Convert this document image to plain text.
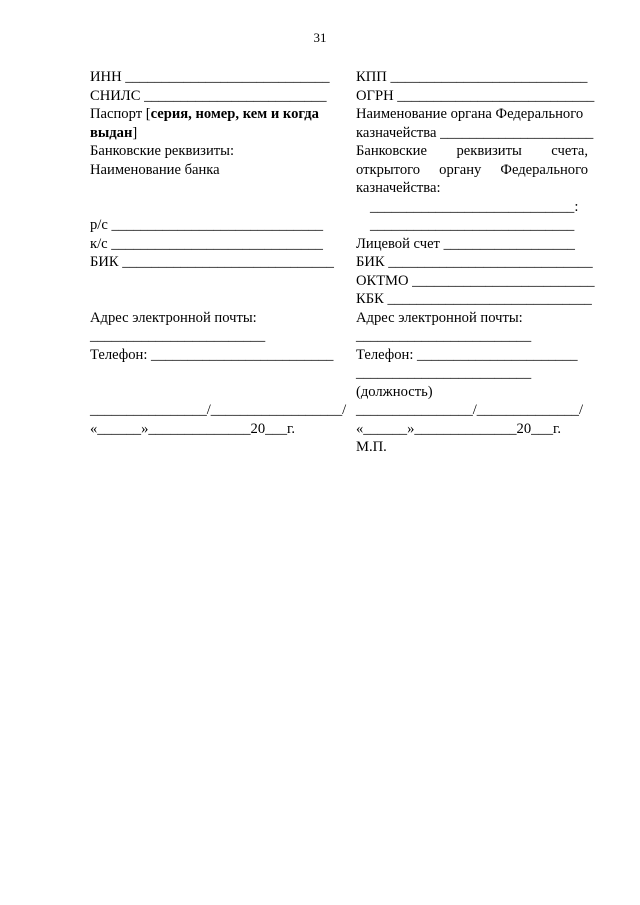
31

ИНН ____________________________

СНИЛС _________________________

Паспорт [серия, номер, кем и когда выдан]

Банковские реквизиты:

Наименование банка

р/с _____________________________

к/с _____________________________

БИК _____________________________

Адрес электронной почты:

________________________

Телефон: _________________________

________________/__________________/

«______»______________20___г.

КПП ___________________________

ОГРН ___________________________

Наименование органа Федерального

казначейства _____________________

Банковские реквизиты счета,

открытого органу Федерального

казначейства:

____________________________:

____________________________

Лицевой счет __________________

БИК ____________________________

ОКТМО _________________________

КБК ____________________________

Адрес электронной почты:

________________________

Телефон: ______________________

________________________

(должность)

________________/______________/

«______»______________20___г.

М.П.
